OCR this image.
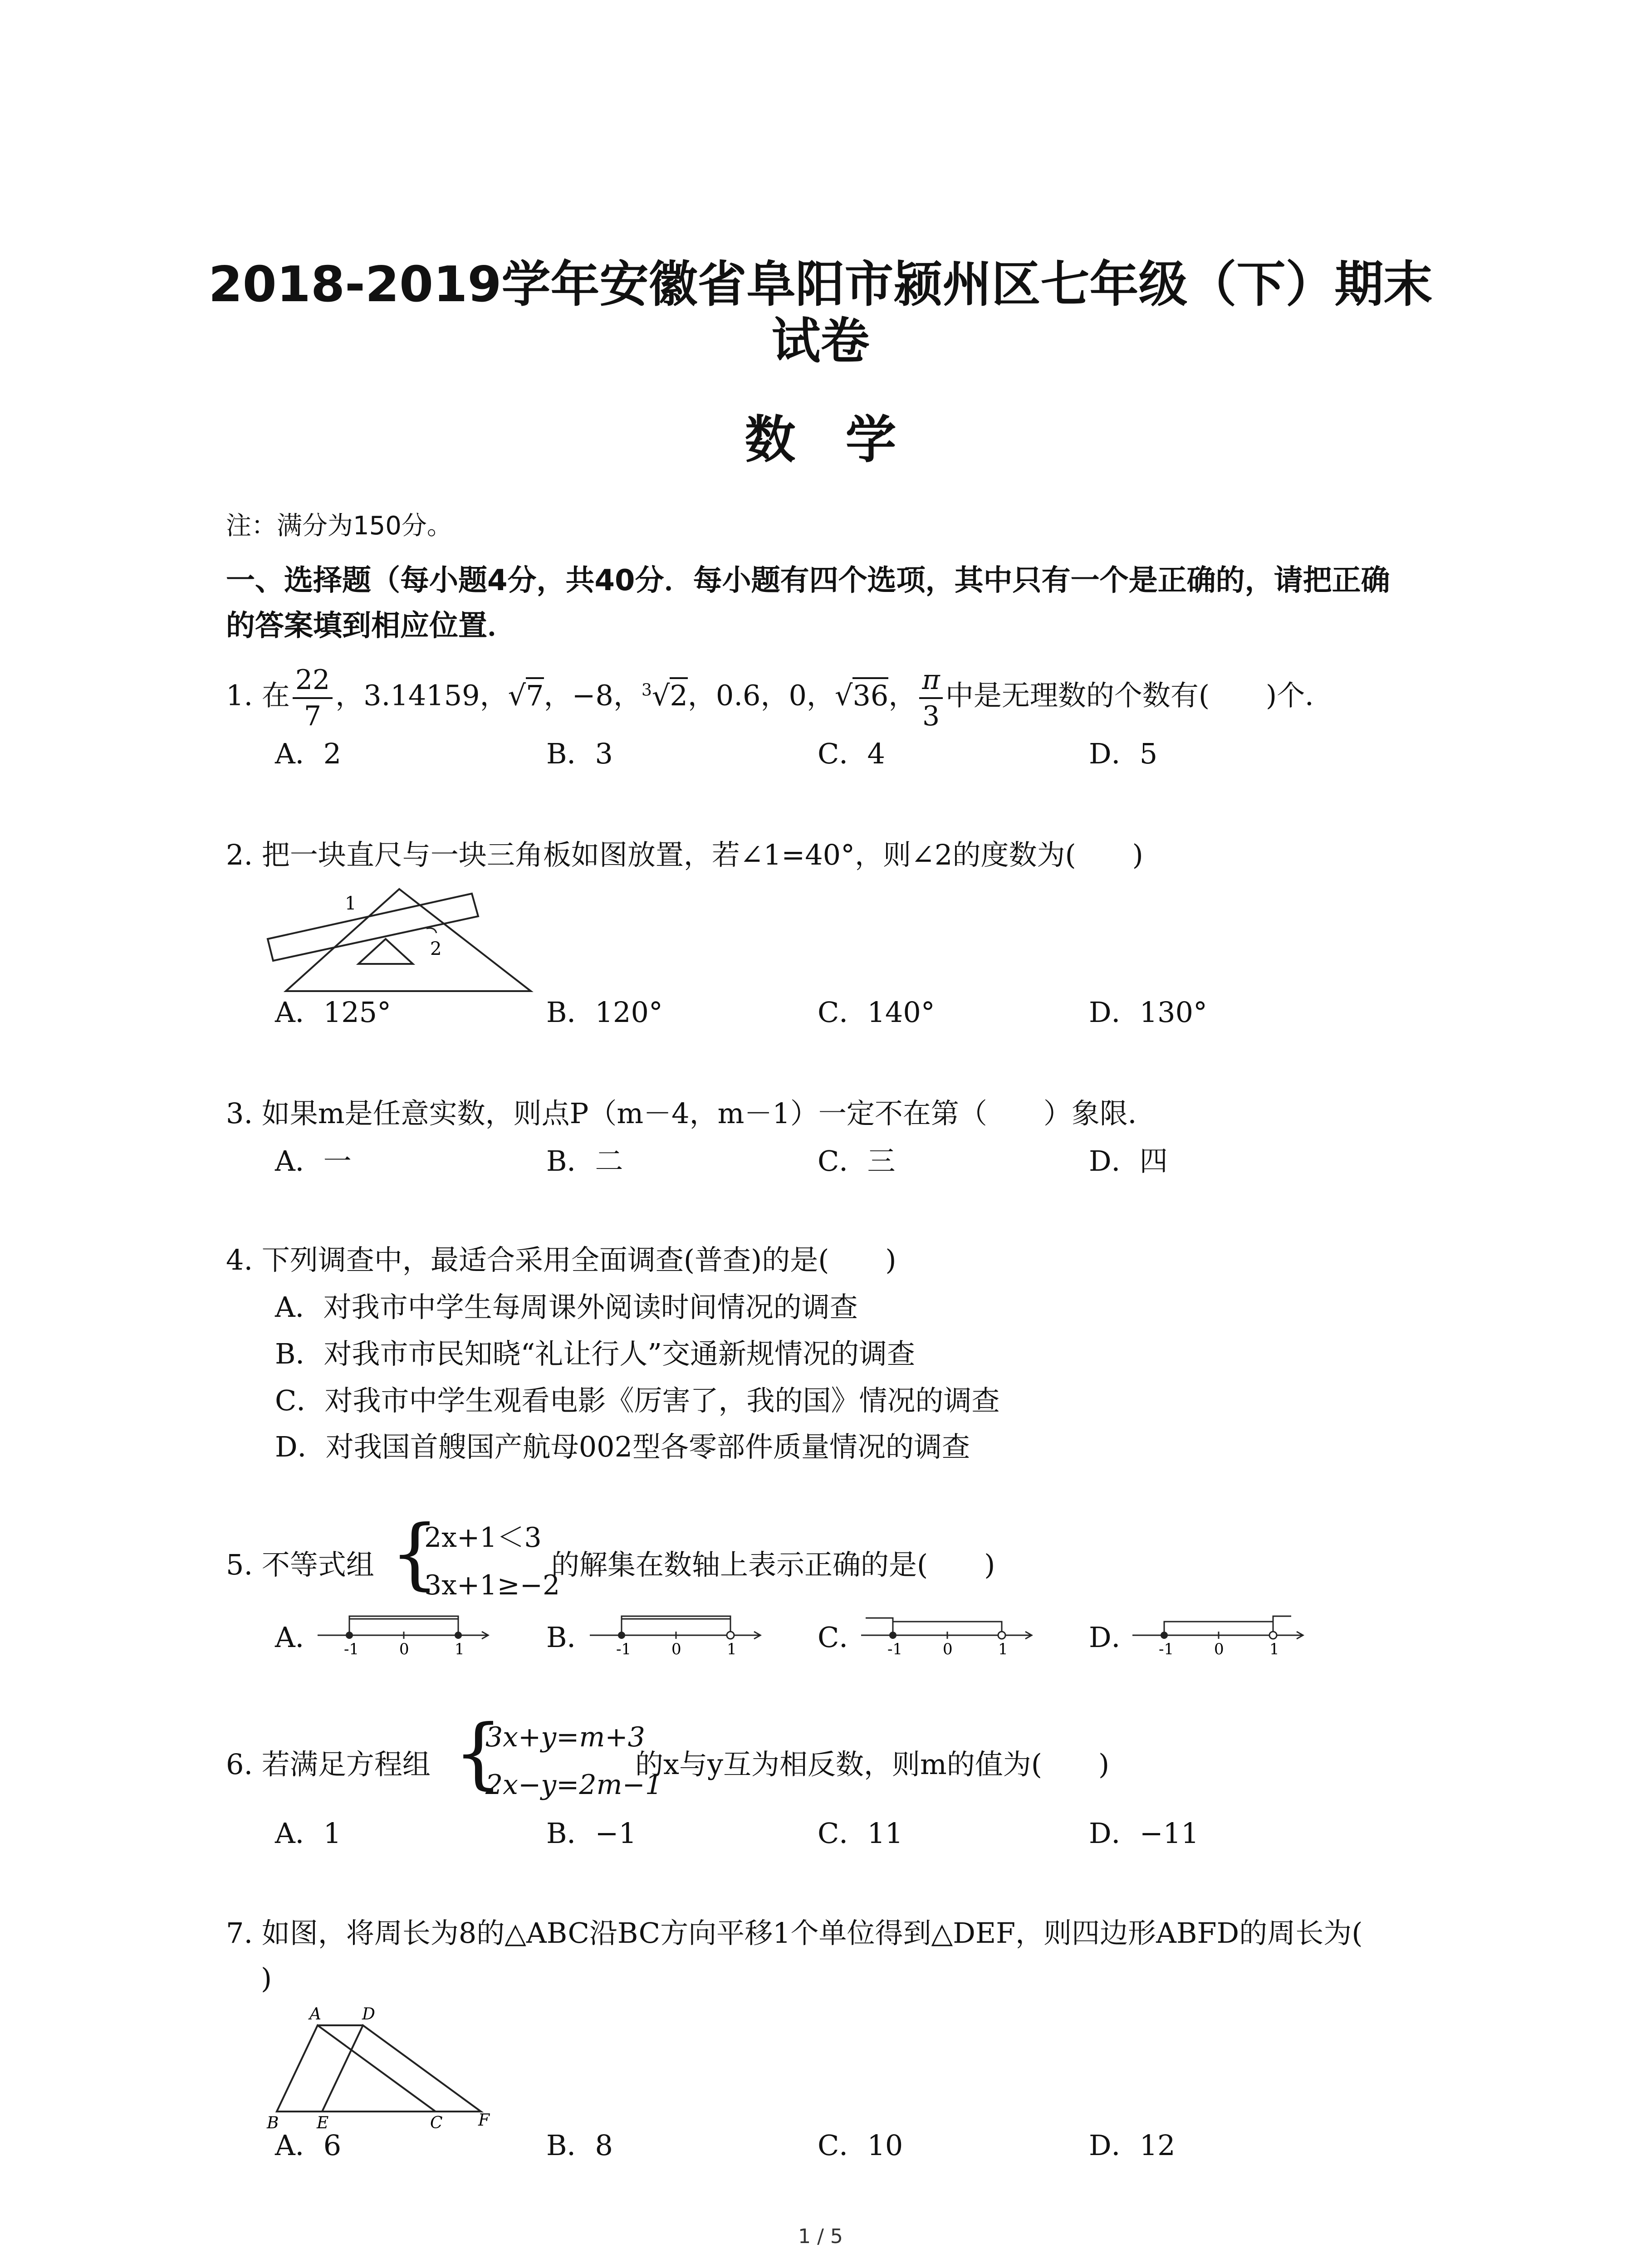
2018-2019学年安徽省阜阳市颍州区七年级（下）期末
试卷
数学
注：满分为150分。
一、选择题（每小题4分，共40分．每小题有四个选项，其中只有一个是正确的，请把正确
的答案填到相应位置．
1. 在 $\frac{22}{7}$ ，3.14159，√7，−8，$^3$√2，0.6，0，√36， $\frac{\pi}{3}$ 中是无理数的个数有(　　)个．
A．2	B．3	C．4	D．5
2. 把一块直尺与一块三角板如图放置，若∠1=40°，则∠2的度数为(　　)
1
2
A．125°	B．120°	C．140°	D．130°
3. 如果m是任意实数，则点P（m－4，m－1）一定不在第（　　）象限．
A．一	B．二	C．三	D．四
4. 下列调查中，最适合采用全面调查(普查)的是(　　)
A．对我市中学生每周课外阅读时间情况的调查
B．对我市市民知晓“礼让行人”交通新规情况的调查
C．对我市中学生观看电影《厉害了，我的国》情况的调查
D．对我国首艘国产航母002型各零部件质量情况的调查
5. 不等式组 {
2x+1＜3
3x+1≥−2
的解集在数轴上表示正确的是(　　)
A．	B．	C．	D．
-1	0	1	-1	0	1	-1	0	1	-1	0	1
6. 若满足方程组 {
3x+y=m+3
2x−y=2m−1
的x与y互为相反数，则m的值为(　　)
A．1	B．−1	C．11	D．−11
7. 如图，将周长为8的△ABC沿BC方向平移1个单位得到△DEF，则四边形ABFD的周长为(
)
A	D
B E	C F
A．6	B．8	C．10	D．12
1 / 5
